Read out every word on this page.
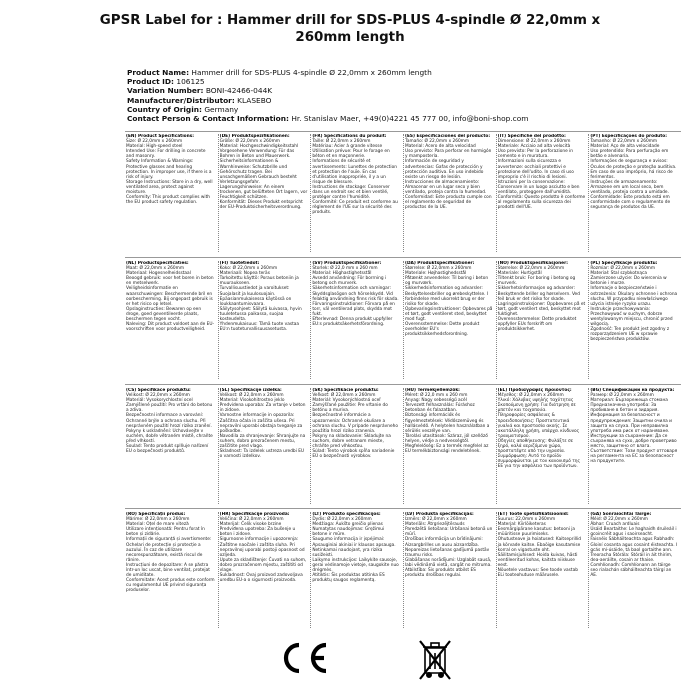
GPSR Label for : Hammer drill for SDS-PLUS 4-spindle Ø 22,0mm x
260mm length
Product Name: Hammer drill for SDS-PLUS 4-spindle Ø 22,0mm x 260mm length
Product ID: 106125
Variation Number: BONI-42466-044K
Manufacturer/Distributor: KLASEBO
Country of Origin: Germany
Contact Person & Contact Information: Hr. Stanislav Maer, +49(0)4221 45 777 00, info@boni-shop.com

(EN) Product Specifications:

Size: Ø 22,0mm x 260mm
Material: High-speed steel
Intended Use: For drilling in concrete and masonry.
Safety Information & Warnings: Protective glasses and hearing protection. In improper use, if there is a risk of injury.
Storage Instructions: Store in a dry, well ventilated area, protect against moisture.
Conformity: This product complies with the EU product safety regulation.

(DE) Produktspezifikationen:

Größe: Ø 22,0mm x 260mm
Material: Hochgeschwindigkeitsstahl
Vorgesehene Verwendung: Für das Bohren in Beton und Mauerwerk.
Sicherheitsinformationen & Warnhinweise: Schutzbrille und Gehörschutz tragen. Bei unsachgemäßem Gebrauch besteht Verletzungsgefahr.
Lagerungshinweise: An einem trockenen, gut belüfteten Ort lagern, vor Feuchtigkeit schützen.
Konformität: Dieses Produkt entspricht der EU-Produktsicherheitsverordnung.

(FR) Spécifications du produit:

Taille: Ø 22,0mm x 260mm
Matériau: Acier à grande vitesse
Utilisation prévue: Pour le forage en béton et en maçonnerie.
Informations de sécurité et avertissements: Lunettes de protection et protection de l'ouïe. En cas d'utilisation inappropriée, il y a un risque de blessure.
Instructions de stockage: Conserver dans un endroit sec et bien ventilé, protéger contre l'humidité.
Conformité: Ce produit est conforme au règlement de l'UE sur la sécurité des produits.

(ES) Especificaciones del producto:

Tamaño: Ø 22,0mm x 260mm
Material: Acero de alta velocidad
Uso previsto: Para perforar en hormigón y mampostería.
Información de seguridad y advertencias: Gafas de protección y protección auditiva. En uso indebido existe un riesgo de lesión.
Instrucciones de almacenamiento: Almacenar en un lugar seco y bien ventilado, proteja contra la humedad.
Conformidad: Este producto cumple con el reglamento de seguridad de productos de la UE.

(IT) Specifiche del prodotto:

Dimensione: Ø 22,0mm x 260mm
Materiale: Acciaio ad alta velocità
Uso previsto: Per la perforazione in cemento e in muratura.
Informazioni sulla sicurezza e avvertenze: occhiali protettivi e protezione dell'udito. In caso di uso improprio c'è il rischio di lesioni.
Istruzioni per la conservazione: Conservare in un luogo asciutto e ben ventilato, proteggere dall'umidità.
Conformità: Questo prodotto è conforme al regolamento sulla sicurezza dei prodotti dell'UE.

(PT) Especificações do produto:

Tamanho: Ø 22,0mm x 260mm
Material: Aço de alta velocidade
Uso pretendido: Para perfuração em betão e alvenaria.
Informações de segurança e avisos: Óculos de proteção e proteção auditiva. Em caso de uso impróprio, há risco de ferimentos.
Instruções de armazenamento: Armazene em um local seco, bem ventilado, proteja contra a umidade.
Conformidade: Este produto está em conformidade com o regulamento de segurança de produtos da UE.

(NL) Productspecificaties:

Maat: Ø 22,0mm x 260mm
Materiaal: Hogesnelheidsstaal
Beoogd gebruik: voor het boren in beton en metselwerk.
Veiligheidsinformatie en waarschuwingen: Beschermende bril en oorbescherming. Bij ongepast gebruik is er het risico op letsel.
Opslaginstructies: Bewaren op een droge, goed geventileerde plaats, beschermen tegen vocht.
Naleving: Dit product voldoet aan de EU-voorschriften voor productveiligheid.

(FI) Tuotetiedot:

Koko: Ø 22,0mm x 260mm
Materiaali: Nopea teräs
Tarkoitettu käyttö: Poraus betoniin ja muuraukseen.
Turvallisuustiedot ja varoitukset: Suojalasit ja kuulosuojain. Epäasianmukaisessa käytössä on loukkaantumisvaara.
Säilytysohjeet: Säilytä kuivassa, hyvin tuuletetussa paikassa, suojaa kosteudelta.
Yhdenmukaisuus: Tämä tuote vastaa EU:n tuoteturvallisuusasetusta.

(SV) Produktspecifikationer:

Storlek: Ø 22,0 mm x 260 mm
Material: Höghastighetsstål
Avsedd användning: För borrning i betong och murverk.
Säkerhetsinformation och varningar: Skyddsglasögon och hörselskydd. Vid felaktig användning finns risk för skada.
Förvaringsinstruktioner: Förvara på en torr, väl ventilerad plats, skydda mot fukt.
Efterlevnad: Denna produkt uppfyller EU:s produktsäkerhetsförordning.

(DA) Produktspecifikationer:

Størrelse: Ø 22,0mm x 260mm
Materiale: Højhastighedsstål
Påtænkt anvendelse: Til boring i beton og murværk.
Sikkerhedsinformation og advarsler: Beskyttelsesbriller og ørebeskyttelse. I forbindelse med ukorrekt brug er der risiko for skade.
Opbevaringsinstruktioner: Opbevares på et tørt, godt ventileret sted, beskyttet mod fugt.
Overensstemmelse: Dette produkt overholder EU's produktsikkerhedsforordning.

(NO) Produktspesifikasjoner:

Størrelse: Ø 22,0mm x 260mm
Materiale: Hurtigstål
Tiltenkt bruk: For boring i betong og murverk.
Sikkerhetsinformasjon og advarsler: Beskyttende briller og hørselvern. Ved feil bruk er det risiko for skade.
Lagringsinstruksjoner: Oppbevares på et tørt, godt ventilert sted, beskyttet mot fuktighet.
Overensstemmelse: Dette produktet oppfyller EUs forskrift om produktsikkerhet.

(PL) Specyfikacje produktu:

Rozmiar: Ø 22,0mm x 260mm
Materiał: Stal szybkotnąca
Zamierzone użycie: Do wiercenia w betonie i murze.
Informacje o bezpieczeństwie i ostrzeżenia: Okulary ochronne i ochrona słuchu. W przypadku niewłaściwego użycia istnieje ryzyko urazu.
Instrukcje przechowywania: Przechowywać w suchym, dobrze wentylowanym miejscu, chronić przed wilgocią.
Zgodność: Ten produkt jest zgodny z rozporządzeniem UE w sprawie bezpieczeństwa produktów.

(CS) Specifikace produktu:

Velikost: Ø 22,0mm x 260mm
Materiál: Vysokorychlostní ocel
Zamýšlené použití: Pro vrtání do betonu a zdiva.
Bezpečnostní informace a varování: Ochranné brýle a ochrana sluchu. Při nesprávném použití hrozí riziko zranění.
Pokyny k uskladnění: Uchovávejte v suchém, dobře větraném místě, chraňte před vlhkostí.
Soulad: Tento produkt splňuje nařízení EU o bezpečnosti produktů.

(SL) Specifikacije izdelka:

Velikost: Ø 22,0mm x 260mm
Material: Visokohitrostno jeklo
Predvidena uporaba: Za vrtanje v beton in zidove.
Varnostne informacije in opozorila: Zaščitna očala in zaščita ušesa. Pri nepravilni uporabi obstaja tveganje za poškodbe.
Navodila za shranjevanje: Shranjujte na suhem, dobro prezračenem mestu, zaščitite pred vlago.
Skladnost: Ta izdelek ustreza uredbi EU o varnosti izdelkov.

(SK) Špecifikácie produktu:

Veľkosť: Ø 22,0mm x 260mm
Materiál: Vysokorýchlostná oceľ
Zamýšľané použitie: Pre vŕtanie do betónu a muriva.
Bezpečnostné informácie a upozornenia: Ochranné okuliare a ochrana sluchu. V prípade nesprávneho použitia hrozí riziko zranenia.
Pokyny na skladovanie: Skladujte na suchom, dobre vetranom mieste, chráňte pred vlhkosťou.
Súlad: Tento výrobok spĺňa nariadenie EÚ o bezpečnosti výrobkov.

(HU) Termékjellemzők:

Méret: Ø 22,0 mm x 260 mm
Anyag: Nagy sebességű acél
Tervezett felhasználás: Fúráshoz betonban és falazatban.
Biztonsági információk és figyelmeztetések: Védőszemüveg és hallásvédő. A helytelen használatban a sérülés veszélye van.
Tárolási utasítások: Száraz, jól szellőző helyen, védje a nedvességtől.
Megfelelőség: Ez a termék megfelel az EU termékbiztonsági rendeletének.

(EL) Προδιαγραφές προϊόντος:

Μέγεθος: Ø 22,0mm x 260mm
Υλικό: Χάλυβας υψηλής ταχύτητας
Σκοπούμενη χρήση: Για διάτρηση σε μπετόν και τοιχοποιία.
Πληροφορίες ασφάλειας & προειδοποιήσεις: Προστατευτικά γυαλιά και προστασία ακοής. Σε ακατάλληλη χρήση, υπάρχει κίνδυνος τραυματισμού.
Οδηγίες αποθήκευσης: Φυλάξτε σε ξηρό, καλά αεριζόμενο χώρο, προστατέψτε από την υγρασία.
Συμμόρφωση: Αυτό το προϊόν συμμορφώνεται με τον κανονισμό της ΕΕ για την ασφάλεια των προϊόντων.

(BG) Спецификации на продукта:

Размер: Ø 22,0mm x 260mm
Материал: Бързорежеща стомана
Предназначена употреба: За пробиване в бетон и зидария.
Информация за безопасност и предупреждения: Защитни очила и защита на слуха. При неправилна употреба има риск от нараняване.
Инструкции за съхранение: Да се съхранява на сухо, добре проветриво място, защитено от влага.
Съответствие: Този продукт отговаря на регламента на ЕС за безопасност на продуктите.

(RO) Specificații produs:

Mărime: Ø 22,0mm x 260mm
Material: Oțel de mare viteză
Utilizare intenționată: Pentru forat în beton și zidărie.
Informații de siguranță și avertismente: Ochelari de protecție și protecție a auzului. În caz de utilizare necorespunzătoare, există riscul de rănire.
Instrucțiuni de depozitare: A se păstra într-un loc uscat, bine ventilat, protejat de umiditate.
Conformitate: Acest produs este conform cu regulamentul UE privind siguranța produselor.

(HR) Specifikacije proizvoda:

Veličina: Ø 22,0mm x 260mm
Materijal: Čelik visoke brzine
Predviđena upotreba: Za bušenje u beton i zidove.
Sigurnosne informacije i upozorenja: Zaštitne naočale i zaštita sluha. Pri nepravilnoj uporabi postoji opasnost od ozljeda.
Upute za skladištenje: Čuvati na suhom, dobro prozračenom mjestu, zaštititi od vlage.
Sukladnost: Ovaj proizvod zadovoljava uredbu EU-a o sigurnosti proizvoda.

(LT) Produkto specifikacijos:

Dydis: Ø 22,0mm x 260mm
Medžiaga: Aukšto greičio plienas
Numatytas naudojimas: Gręžimui betone ir mūre.
Saugumo informacija ir įspėjimai: Apsauginiai akiniai ir klausos apsauga. Netinkamai naudojant, yra rizika susižeisti.
Laikymo instrukcijos: Laikykite sausoje, gerai vėdinamoje vietoje, saugokite nuo drėgmės.
Atitiktis: Šis produktas atitinka ES produktų saugos reglamentą.

(LV) Produkta specifikācijas:

Izmērs: Ø 22,0mm x 260mm
Materiāls: Ātrgriezējtērauds
Paredzētā lietošana: Urbšanai betonā un mūrī.
Drošības informācija un brīdinājumi: Aizsargbrilles un ausu aizsardzība. Nepareizas lietošanas gadījumā pastāv traumu risks.
Glabāšanas norādījumi: Uzglabāt sausā, labi vēdināmā vietā, sargāt no mitruma.
Atbilstība: Šis produkts atbilst ES produktu drošības regulai.

(ET) Toote spetsifikatsioonid:

Suurus: 22,0mm x 260mm
Materjal: Kiirlõiketeras
Eesmärgipärane kasutus: betooni ja müüritisse puurimiseks.
Ohutusteave ja hoiatused: Kaitseprillid ja kõrvade kaitse. Ebaõige kasutamise korral on vigastuste oht.
Säilitamisjuhised: Hoida kuivas, hästi ventileeritud kohas, kaitsta niiskuse eest.
Nõuetele vastavus: See toode vastab ELi tooteohutuse määrusele.

(GA) Sonraíochtaí Táirge:

Méid: Ø 22,0mm x 260mm
Ábhar: Cruach ardluais
Úsáid Beartaithe: Le haghaidh druileáil i gcoincréit agus i saoirseacht.
Faisnéis Sábháilteachta agus Rabhadh: Gloiní cosanta agus cosaint éisteachta. I gcás mí-úsáide, tá baol gortaithe ann.
Treoracha Stórála: Stóráil in áit thirim, dea-aeráilte, cosain ar thaise.
Comhlíonadh: Comhlíonann an táirge seo rialachán sábháilteachta táirgí an AE.
